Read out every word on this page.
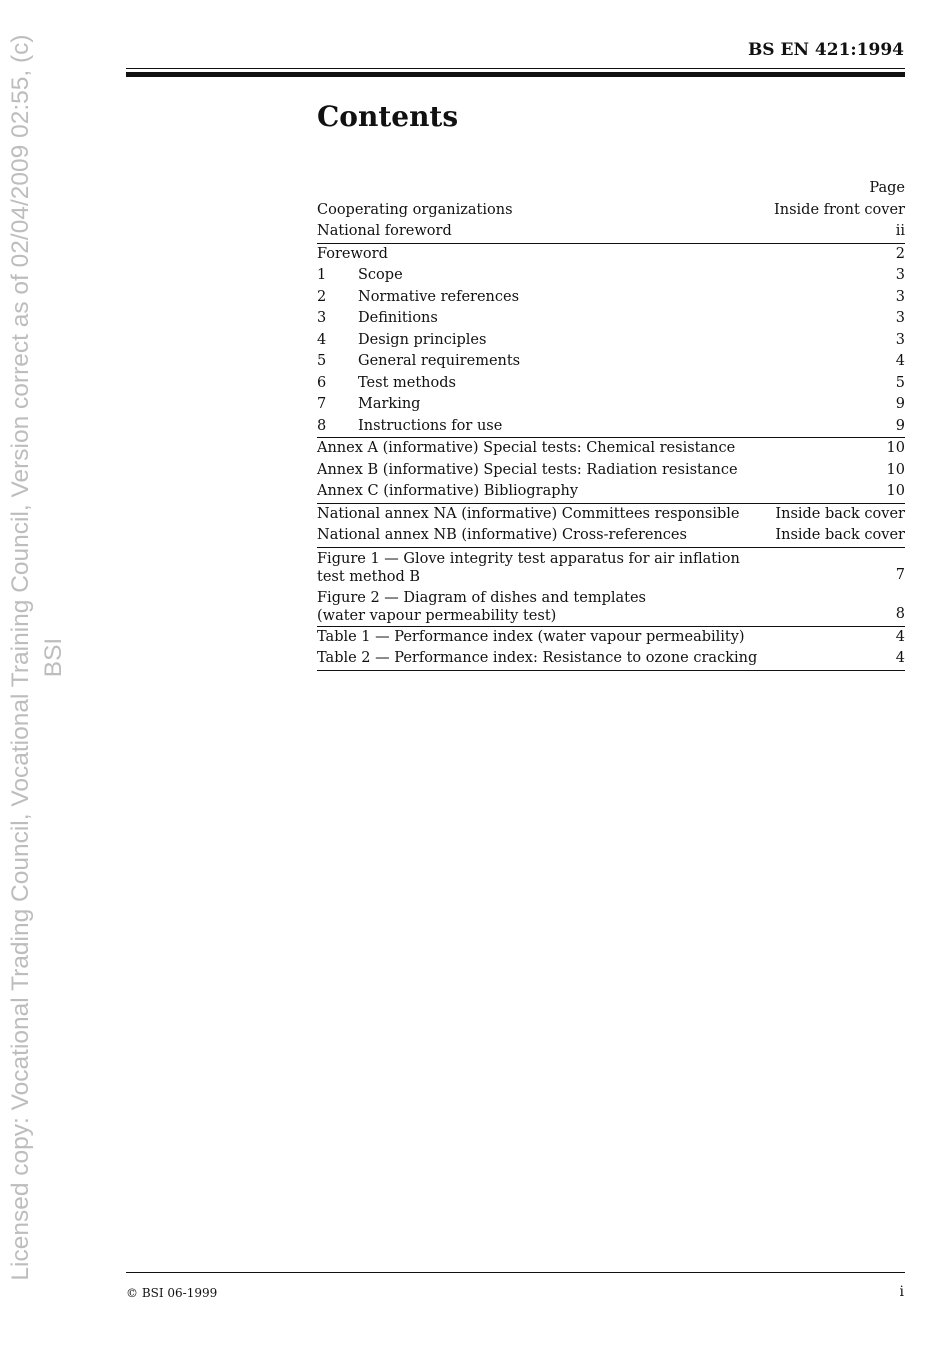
Licensed copy: Vocational Trading Council, Vocational Training Council, Version correct as of 02/04/2009 02:55, (c) BSI
BS EN 421:1994
Contents
Page
Cooperating organizations	Inside front cover
National foreword	ii
Foreword	2
1	Scope	3
2	Normative references	3
3	Definitions	3
4	Design principles	3
5	General requirements	4
6	Test methods	5
7	Marking	9
8	Instructions for use	9
Annex A (informative) Special tests: Chemical resistance	10
Annex B (informative) Special tests: Radiation resistance	10
Annex C (informative) Bibliography	10
National annex NA (informative) Committees responsible	Inside back cover
National annex NB (informative) Cross-references	Inside back cover
Figure 1 — Glove integrity test apparatus for air inflation
test method B	7
Figure 2 — Diagram of dishes and templates
(water vapour permeability test)	8
Table 1 — Performance index (water vapour permeability)	4
Table 2 — Performance index: Resistance to ozone cracking	4
© BSI 06-1999	i
